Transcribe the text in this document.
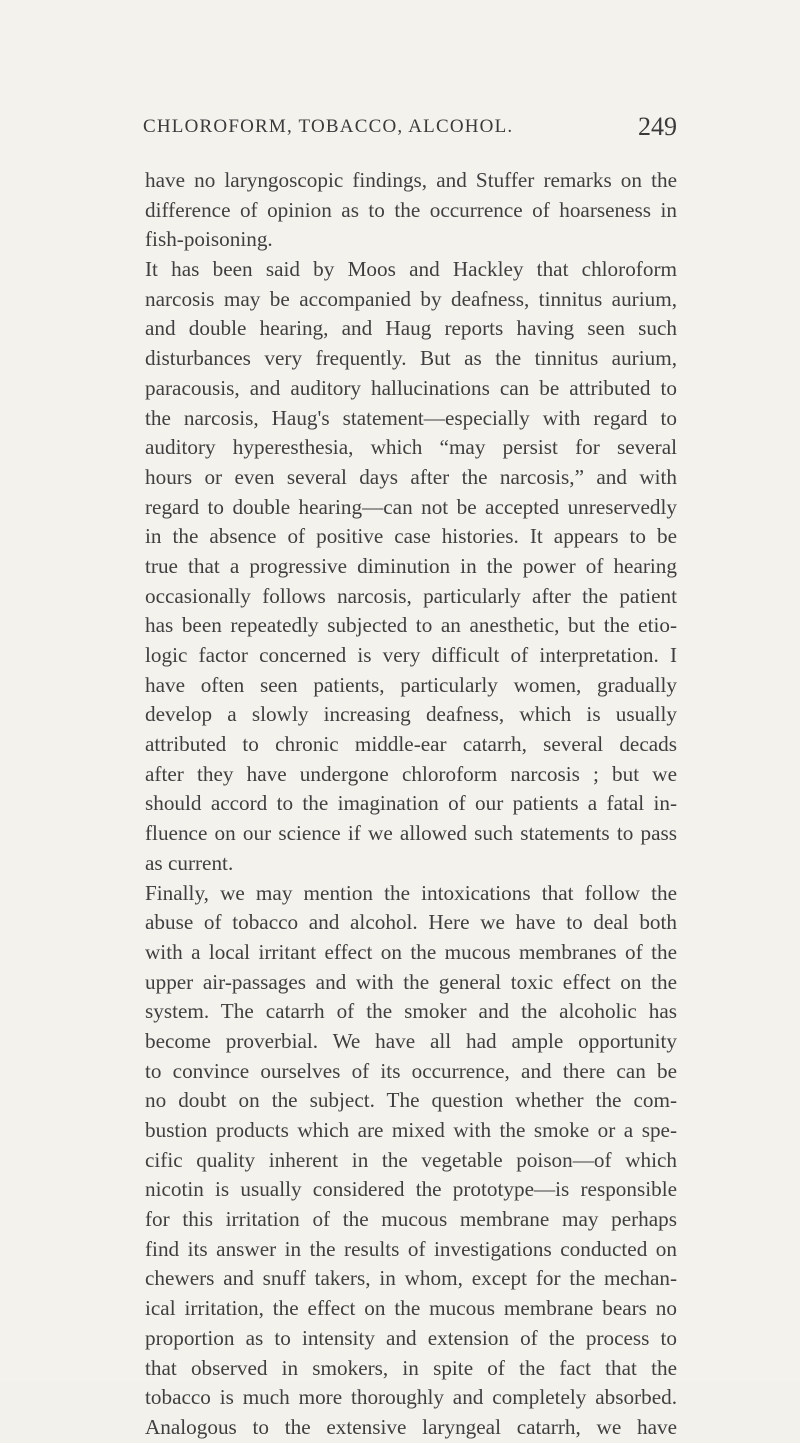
CHLOROFORM, TOBACCO, ALCOHOL.	249
have no laryngoscopic findings, and Stuffer remarks on the
difference of opinion as to the occurrence of hoarseness in
fish-poisoning.
It has been said by Moos and Hackley that chloroform
narcosis may be accompanied by deafness, tinnitus aurium,
and double hearing, and Haug reports having seen such
disturbances very frequently. But as the tinnitus aurium,
paracousis, and auditory hallucinations can be attributed to
the narcosis, Haug's statement—especially with regard to
auditory hyperesthesia, which “may persist for several
hours or even several days after the narcosis,” and with
regard to double hearing—can not be accepted unreservedly
in the absence of positive case histories. It appears to be
true that a progressive diminution in the power of hearing
occasionally follows narcosis, particularly after the patient
has been repeatedly subjected to an anesthetic, but the etio-
logic factor concerned is very difficult of interpretation. I
have often seen patients, particularly women, gradually
develop a slowly increasing deafness, which is usually
attributed to chronic middle-ear catarrh, several decads
after they have undergone chloroform narcosis ; but we
should accord to the imagination of our patients a fatal in-
fluence on our science if we allowed such statements to pass
as current.
Finally, we may mention the intoxications that follow the
abuse of tobacco and alcohol. Here we have to deal both
with a local irritant effect on the mucous membranes of the
upper air-passages and with the general toxic effect on the
system. The catarrh of the smoker and the alcoholic has
become proverbial. We have all had ample opportunity
to convince ourselves of its occurrence, and there can be
no doubt on the subject. The question whether the com-
bustion products which are mixed with the smoke or a spe-
cific quality inherent in the vegetable poison—of which
nicotin is usually considered the prototype—is responsible
for this irritation of the mucous membrane may perhaps
find its answer in the results of investigations conducted on
chewers and snuff takers, in whom, except for the mechan-
ical irritation, the effect on the mucous membrane bears no
proportion as to intensity and extension of the process to
that observed in smokers, in spite of the fact that the
tobacco is much more thoroughly and completely absorbed.
Analogous to the extensive laryngeal catarrh, we have
